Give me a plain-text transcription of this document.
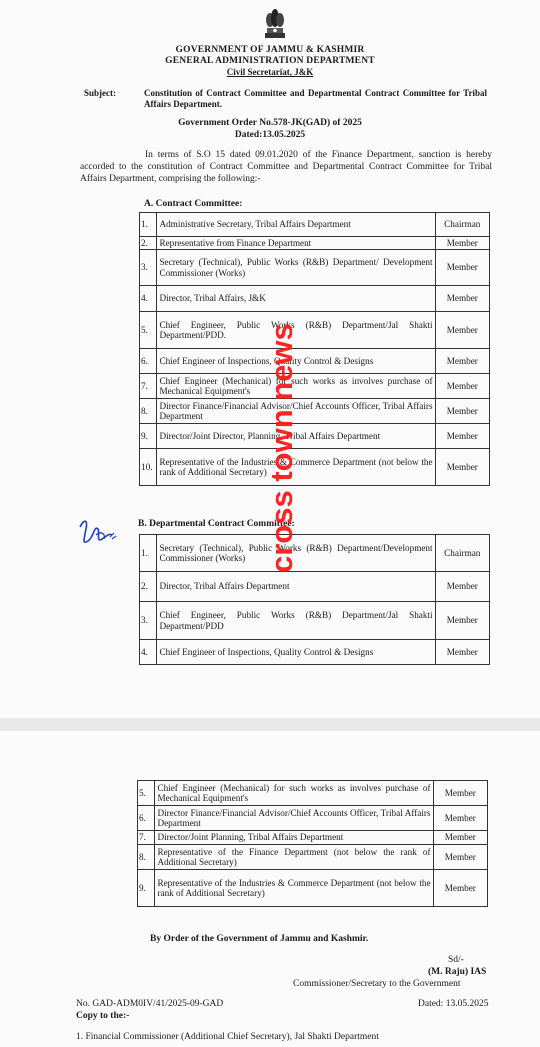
GOVERNMENT OF JAMMU & KASHMIR
GENERAL ADMINISTRATION DEPARTMENT
Civil Secretariat, J&K
Subject:	Constitution of Contract Committee and Departmental Contract Committee for Tribal Affairs Department.
Government Order No.578-JK(GAD) of 2025
Dated:13.05.2025
In terms of S.O 15 dated 09.01.2020 of the Finance Department, sanction is hereby accorded to the constitution of Contract Committee and Departmental Contract Committee for Tribal Affairs Department, comprising the following:-
A. Contract Committee:
1.	Administrative Secretary, Tribal Affairs Department	Chairman
2.	Representative from Finance Department	Member
3.	Secretary (Technical), Public Works (R&B) Department/ Development Commissioner (Works)	Member
4.	Director, Tribal Affairs, J&K	Member
5.	Chief Engineer, Public Works (R&B) Department/Jal Shakti Department/PDD.	Member
6.	Chief Engineer of Inspections, Quality Control & Designs	Member
7.	Chief Engineer (Mechanical) for such works as involves purchase of Mechanical Equipment's	Member
8.	Director Finance/Financial Advisor/Chief Accounts Officer, Tribal Affairs Department	Member
9.	Director/Joint Director, Planning, Tribal Affairs Department	Member
10.	Representative of the Industries & Commerce Department (not below the rank of Additional Secretary)	Member
B. Departmental Contract Committee:
1.	Secretary (Technical), Public Works (R&B) Department/Development Commissioner (Works)	Chairman
2.	Director, Tribal Affairs Department	Member
3.	Chief Engineer, Public Works (R&B) Department/Jal Shakti Department/PDD	Member
4.	Chief Engineer of Inspections, Quality Control & Designs	Member
cross town news
5.	Chief Engineer (Mechanical) for such works as involves purchase of Mechanical Equipment's	Member
6.	Director Finance/Financial Advisor/Chief Accounts Officer, Tribal Affairs Department	Member
7.	Director/Joint Planning, Tribal Affairs Department	Member
8.	Representative of the Finance Department (not below the rank of Additional Secretary)	Member
9.	Representative of the Industries & Commerce Department (not below the rank of Additional Secretary)	Member
By Order of the Government of Jammu and Kashmir.
Sd/-
(M. Raju) IAS
Commissioner/Secretary to the Government
No. GAD-ADM0IV/41/2025-09-GAD	Dated: 13.05.2025
Copy to the:-
1. Financial Commissioner (Additional Chief Secretary), Jal Shakti Department
